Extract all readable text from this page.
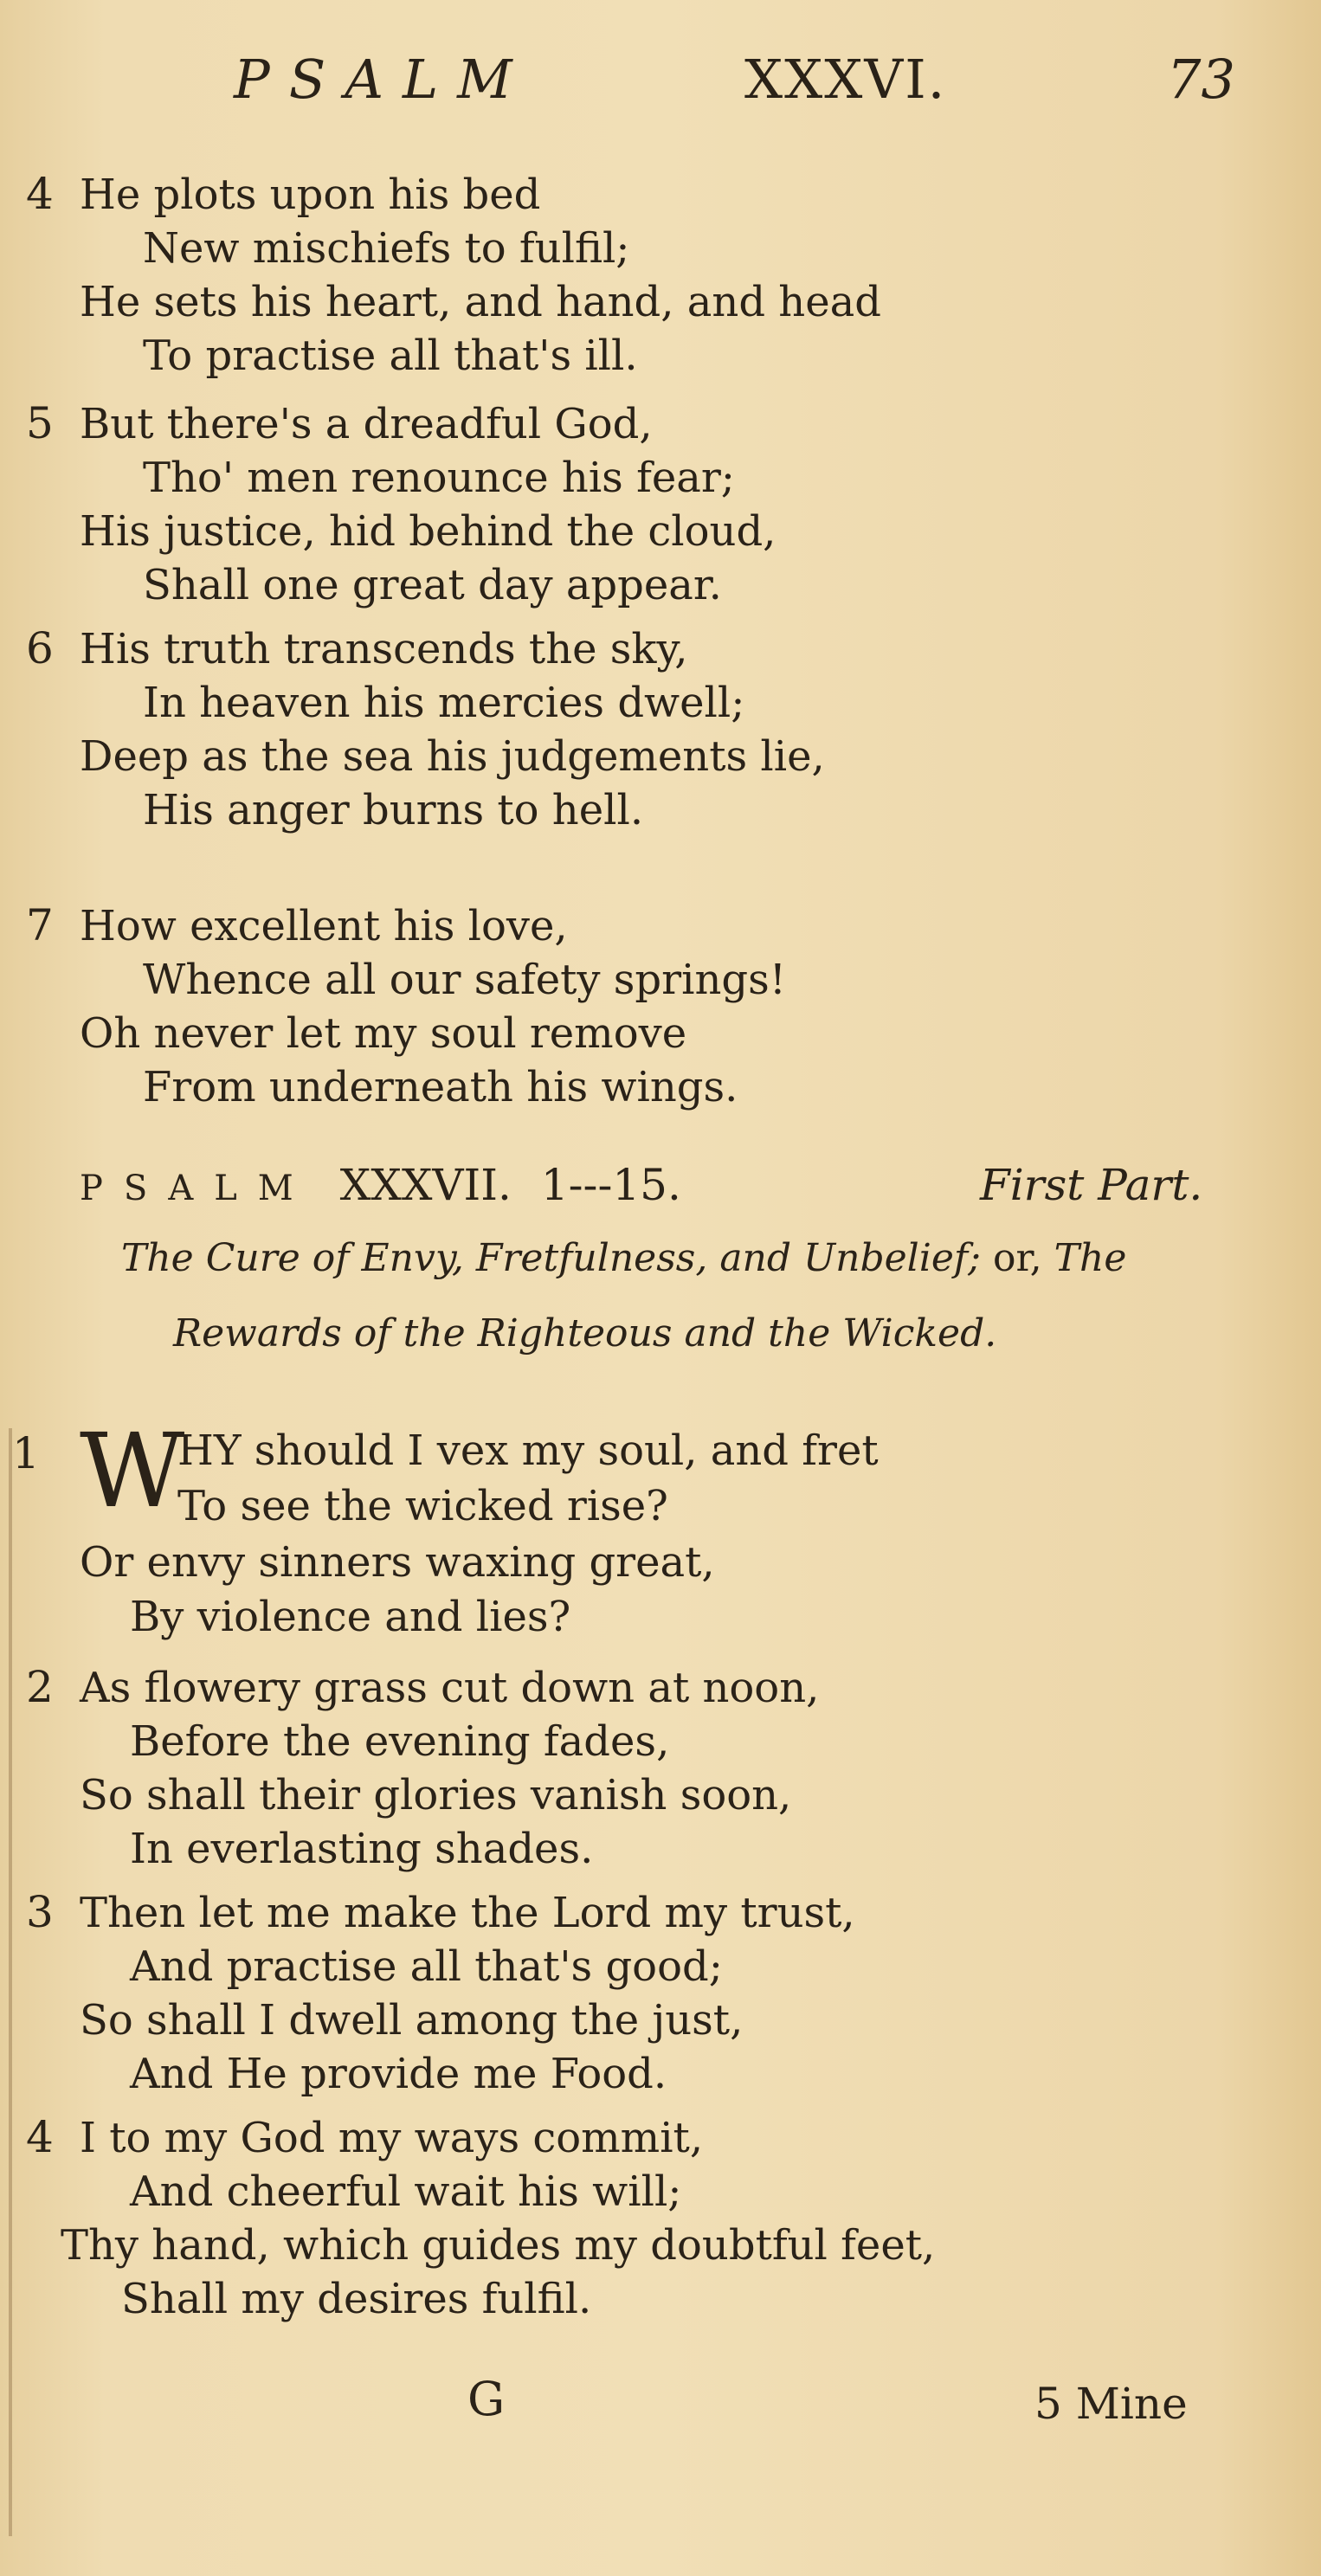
PSALM	XXXVI.	73
4 He plots upon his bed
New mischiefs to fulfil;
He sets his heart, and hand, and head
To practise all that's ill.
5 But there's a dreadful God,
Tho' men renounce his fear;
His justice, hid behind the cloud,
Shall one great day appear.
6 His truth transcends the sky,
In heaven his mercies dwell;
Deep as the sea his judgements lie,
His anger burns to hell.
7 How excellent his love,
Whence all our safety springs!
Oh never let my soul remove
From underneath his wings.
PSALM XXXVII. 1---15.	First Part.
The Cure of Envy, Fretfulness, and Unbelief; or, The
Rewards of the Righteous and the Wicked.
1 W
HY should I vex my soul, and fret
To see the wicked rise?
Or envy sinners waxing great,
By violence and lies?
2 As flowery grass cut down at noon,
Before the evening fades,
So shall their glories vanish soon,
In everlasting shades.
3 Then let me make the Lord my trust,
And practise all that's good;
So shall I dwell among the just,
And He provide me Food.
4 I to my God my ways commit,
And cheerful wait his will;
Thy hand, which guides my doubtful feet,
Shall my desires fulfil.
G	5 Mine
